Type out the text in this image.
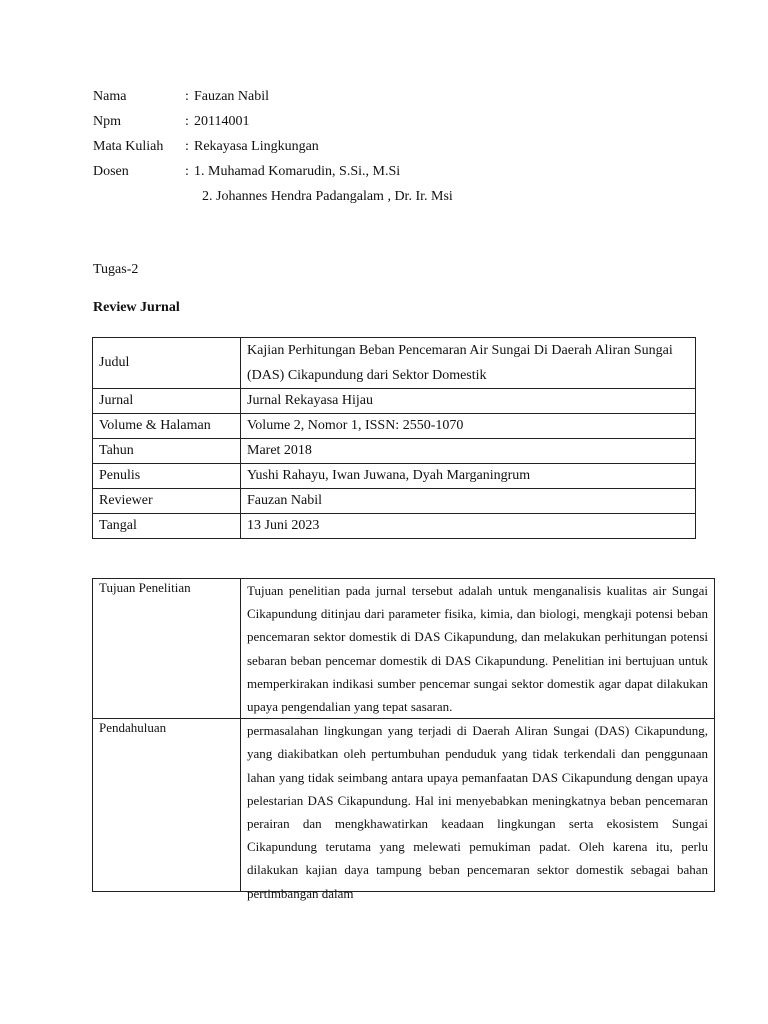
Nama	: Fauzan Nabil
Npm	: 20114001
Mata Kuliah	: Rekayasa Lingkungan
Dosen	: 1. Muhamad Komarudin, S.Si., M.Si
2. Johannes Hendra Padangalam , Dr. Ir. Msi
Tugas-2
Review Jurnal
Judul	Kajian Perhitungan Beban Pencemaran Air Sungai Di Daerah Aliran Sungai (DAS) Cikapundung dari Sektor Domestik
Jurnal	Jurnal Rekayasa Hijau
Volume & Halaman	Volume 2, Nomor 1, ISSN: 2550-1070
Tahun	Maret 2018
Penulis	Yushi Rahayu, Iwan Juwana, Dyah Marganingrum
Reviewer	Fauzan Nabil
Tangal	13 Juni 2023
Tujuan Penelitian	Tujuan penelitian pada jurnal tersebut adalah untuk menganalisis kualitas air Sungai Cikapundung ditinjau dari parameter fisika, kimia, dan biologi, mengkaji potensi beban pencemaran sektor domestik di DAS Cikapundung, dan melakukan perhitungan potensi sebaran beban pencemar domestik di DAS Cikapundung. Penelitian ini bertujuan untuk memperkirakan indikasi sumber pencemar sungai sektor domestik agar dapat dilakukan upaya pengendalian yang tepat sasaran.
Pendahuluan	permasalahan lingkungan yang terjadi di Daerah Aliran Sungai (DAS) Cikapundung, yang diakibatkan oleh pertumbuhan penduduk yang tidak terkendali dan penggunaan lahan yang tidak seimbang antara upaya pemanfaatan DAS Cikapundung dengan upaya pelestarian DAS Cikapundung. Hal ini menyebabkan meningkatnya beban pencemaran perairan dan mengkhawatirkan keadaan lingkungan serta ekosistem Sungai Cikapundung terutama yang melewati pemukiman padat. Oleh karena itu, perlu dilakukan kajian daya tampung beban pencemaran sektor domestik sebagai bahan pertimbangan dalam
